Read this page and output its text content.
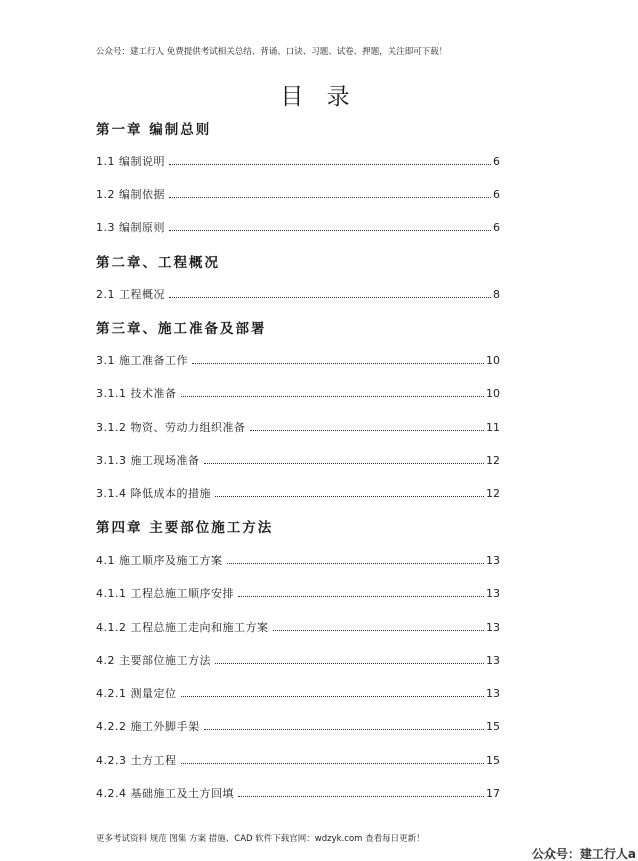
公众号：建工行人 免费提供考试相关总结、背诵、口诀、习题、试卷、押题，关注即可下载！
目 录
第一章 编制总则
1.1 编制说明	6
1.2 编制依据	6
1.3 编制原则	6
第二章、工程概况
2.1 工程概况	8
第三章、施工准备及部署
3.1 施工准备工作	10
3.1.1 技术准备	10
3.1.2 物资、劳动力组织准备	11
3.1.3 施工现场准备	12
3.1.4 降低成本的措施	12
第四章 主要部位施工方法
4.1 施工顺序及施工方案	13
4.1.1 工程总施工顺序安排	13
4.1.2 工程总施工走向和施工方案	13
4.2 主要部位施工方法	13
4.2.1 测量定位	13
4.2.2 施工外脚手架	15
4.2.3 土方工程	15
4.2.4 基础施工及土方回填	17
更多考试资料 规范 图集 方案 措施、CAD 软件下载官网：wdzyk.com 查看每日更新！
公众号：建工行人a
